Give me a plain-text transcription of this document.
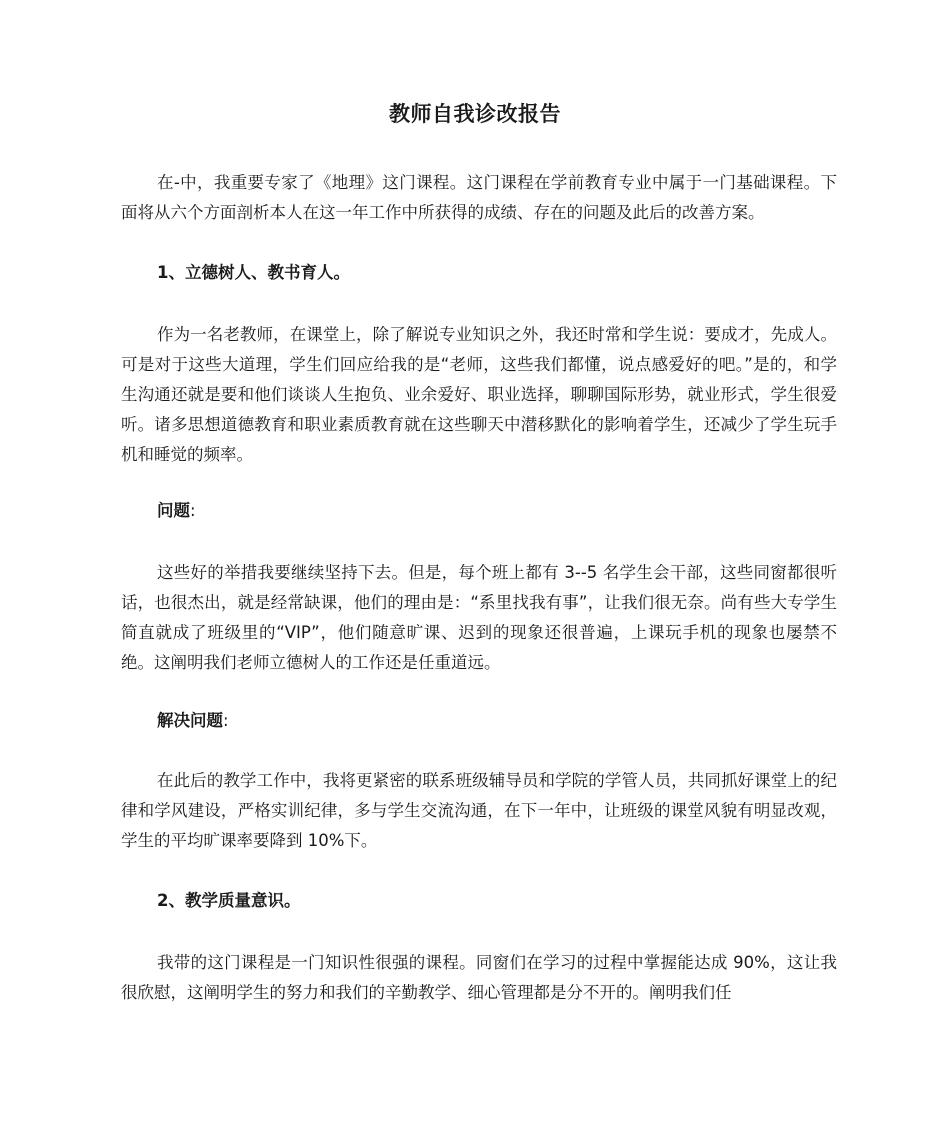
教师自我诊改报告

在-中，我重要专家了《地理》这门课程。这门课程在学前教育专业中属于一门基础课程。下面将从六个方面剖析本人在这一年工作中所获得的成绩、存在的问题及此后的改善方案。

1、立德树人、教书育人。

作为一名老教师，在课堂上，除了解说专业知识之外，我还时常和学生说：要成才，先成人。可是对于这些大道理，学生们回应给我的是“老师，这些我们都懂，说点感爱好的吧。”是的，和学生沟通还就是要和他们谈谈人生抱负、业余爱好、职业选择，聊聊国际形势，就业形式，学生很爱听。诸多思想道德教育和职业素质教育就在这些聊天中潜移默化的影响着学生，还减少了学生玩手机和睡觉的频率。

问题:

这些好的举措我要继续坚持下去。但是，每个班上都有 3--5 名学生会干部，这些同窗都很听话，也很杰出，就是经常缺课，他们的理由是：“系里找我有事”，让我们很无奈。尚有些大专学生简直就成了班级里的“VIP”，他们随意旷课、迟到的现象还很普遍，上课玩手机的现象也屡禁不绝。这阐明我们老师立德树人的工作还是任重道远。

解决问题:

在此后的教学工作中，我将更紧密的联系班级辅导员和学院的学管人员，共同抓好课堂上的纪律和学风建设，严格实训纪律，多与学生交流沟通，在下一年中，让班级的课堂风貌有明显改观，学生的平均旷课率要降到 10%下。

2、教学质量意识。

我带的这门课程是一门知识性很强的课程。同窗们在学习的过程中掌握能达成 90%，这让我很欣慰，这阐明学生的努力和我们的辛勤教学、细心管理都是分不开的。阐明我们任
